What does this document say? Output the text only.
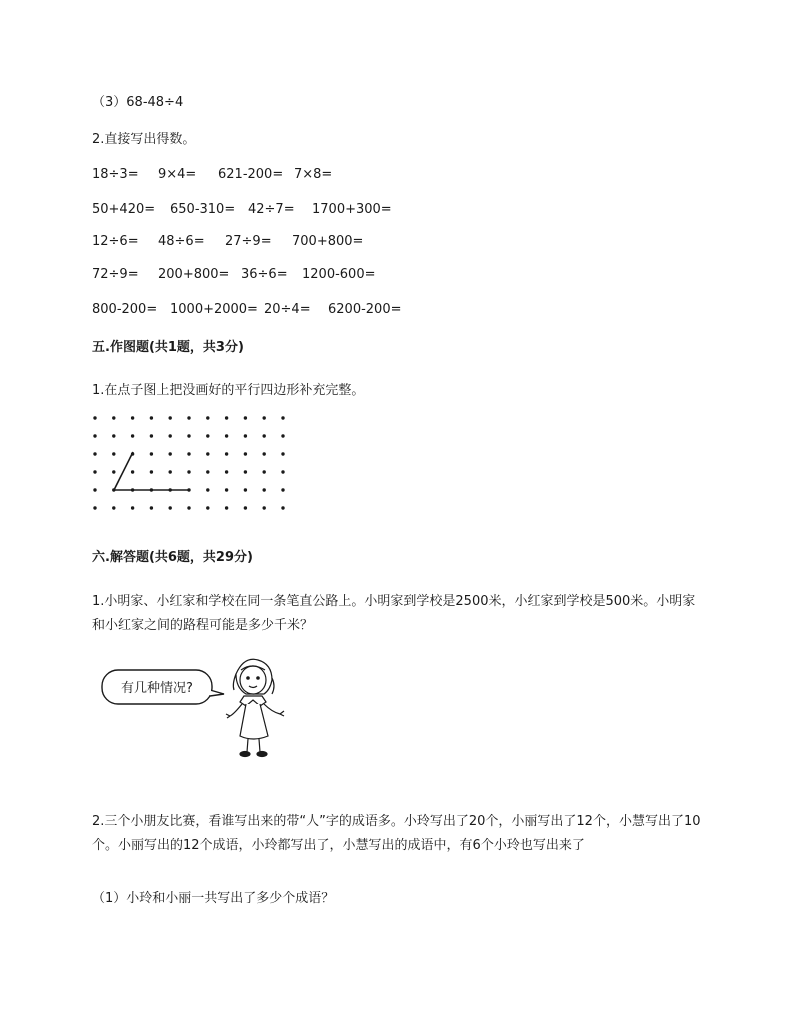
（3）68-48÷4
2.直接写出得数。
18÷3= 9×4= 621-200= 7×8=
50+420= 650-310= 42÷7= 1700+300=
12÷6= 48÷6= 27÷9= 700+800=
72÷9= 200+800= 36÷6= 1200-600=
800-200= 1000+2000= 20÷4= 6200-200=
五.作图题(共1题，共3分)
1.在点子图上把没画好的平行四边形补充完整。
六.解答题(共6题，共29分)
1.小明家、小红家和学校在同一条笔直公路上。小明家到学校是2500米，小红家到学校是500米。小明家和小红家之间的路程可能是多少千米？
有几种情况?
2.三个小朋友比赛，看谁写出来的带“人”字的成语多。小玲写出了20个，小丽写出了12个，小慧写出了10个。小丽写出的12个成语，小玲都写出了，小慧写出的成语中，有6个小玲也写出来了
（1）小玲和小丽一共写出了多少个成语？
